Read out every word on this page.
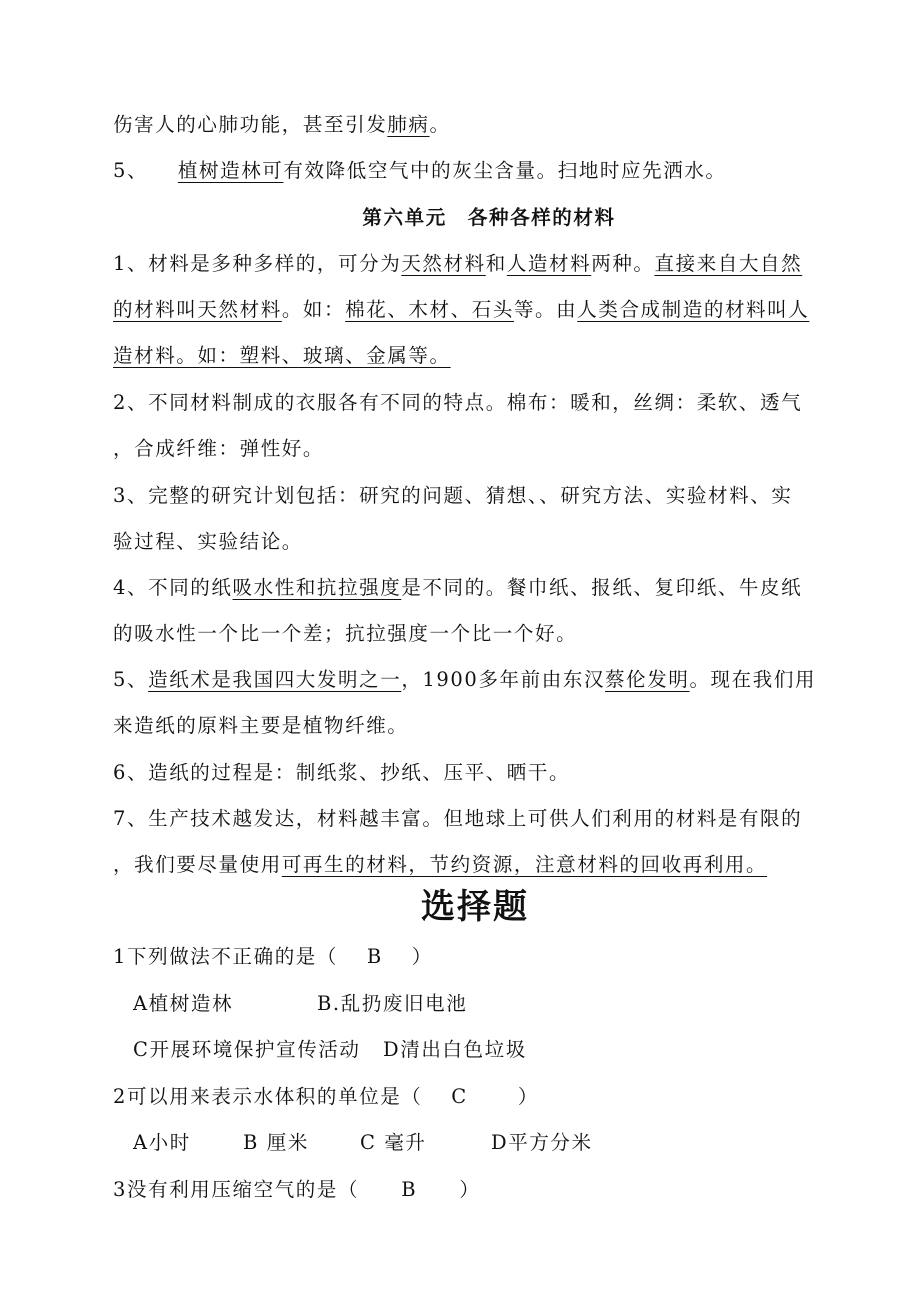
伤害人的心肺功能，甚至引发肺病。
5、 植树造林可有效降低空气中的灰尘含量。扫地时应先洒水。
第六单元　各种各样的材料
1、材料是多种多样的，可分为天然材料和人造材料两种。直接来自大自然
的材料叫天然材料。如：棉花、木材、石头等。由人类合成制造的材料叫人
造材料。如：塑料、玻璃、金属等。
2、不同材料制成的衣服各有不同的特点。棉布：暖和，丝绸：柔软、透气
，合成纤维：弹性好。
3、完整的研究计划包括：研究的问题、猜想、、研究方法、实验材料、实
验过程、实验结论。
4、不同的纸吸水性和抗拉强度是不同的。餐巾纸、报纸、复印纸、牛皮纸
的吸水性一个比一个差；抗拉强度一个比一个好。
5、造纸术是我国四大发明之一，1900多年前由东汉蔡伦发明。现在我们用
来造纸的原料主要是植物纤维。
6、造纸的过程是：制纸浆、抄纸、压平、晒干。
7、生产技术越发达，材料越丰富。但地球上可供人们利用的材料是有限的
，我们要尽量使用可再生的材料，节约资源，注意材料的回收再利用。
选择题
1下列做法不正确的是（　 B　 ）
A植树造林	B.乱扔废旧电池
C开展环境保护宣传活动 D清出白色垃圾
2可以用来表示水体积的单位是（　 C　　 ）
A小时	B 厘米	C 毫升	D平方分米
3没有利用压缩空气的是（　　B　　）
